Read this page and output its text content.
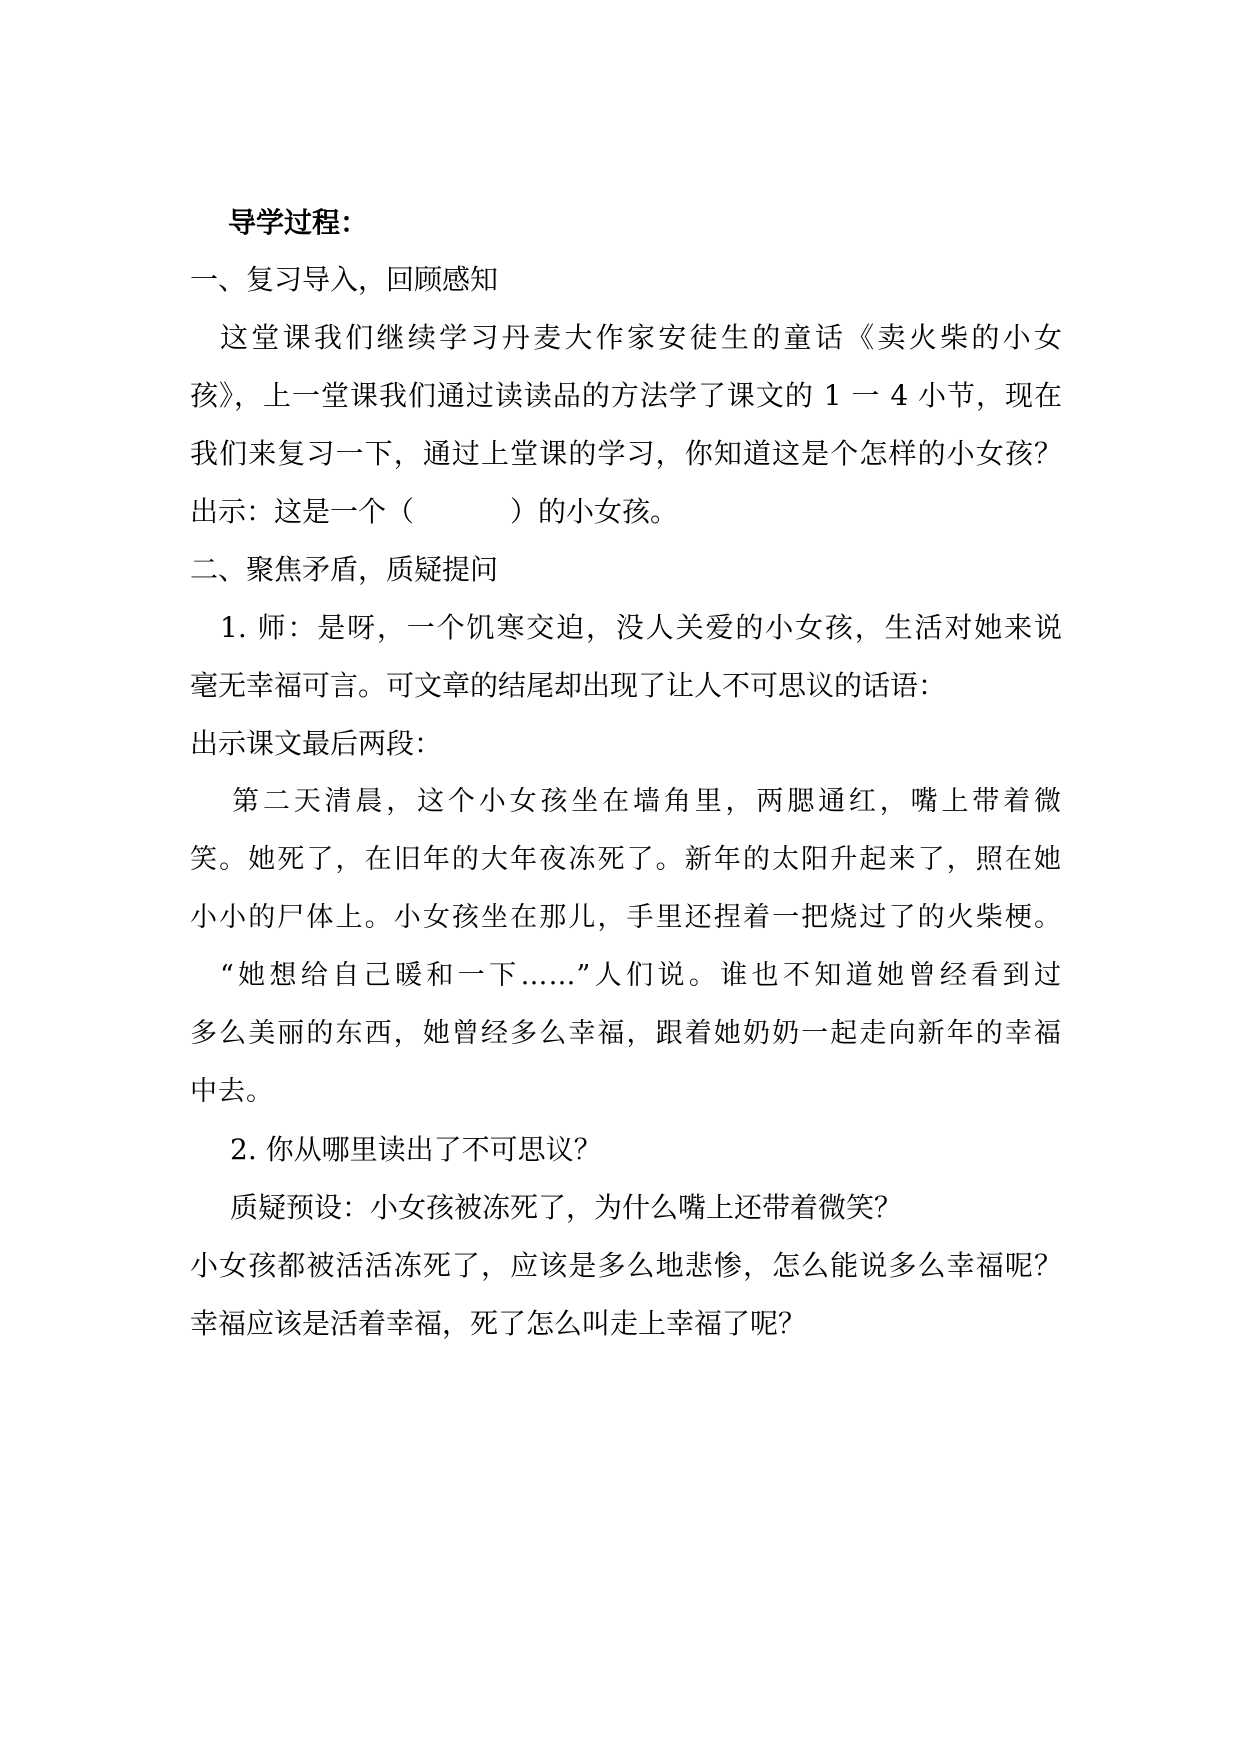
导学过程：
一、复习导入，回顾感知
这堂课我们继续学习丹麦大作家安徒生的童话《卖火柴的小女
孩》，上一堂课我们通过读读品的方法学了课文的 1 一 4 小节，现在
我们来复习一下，通过上堂课的学习，你知道这是个怎样的小女孩？
出示：这是一个（	）的小女孩。
二、聚焦矛盾，质疑提问
1. 师：是呀，一个饥寒交迫，没人关爱的小女孩，生活对她来说
毫无幸福可言。可文章的结尾却出现了让人不可思议的话语：
出示课文最后两段：
第二天清晨，这个小女孩坐在墙角里，两腮通红，嘴上带着微
笑。她死了，在旧年的大年夜冻死了。新年的太阳升起来了，照在她
小小的尸体上。小女孩坐在那儿，手里还捏着一把烧过了的火柴梗。
“她想给自己暖和一下……”人们说。谁也不知道她曾经看到过
多么美丽的东西，她曾经多么幸福，跟着她奶奶一起走向新年的幸福
中去。
2. 你从哪里读出了不可思议？
质疑预设：小女孩被冻死了，为什么嘴上还带着微笑？
小女孩都被活活冻死了，应该是多么地悲惨，怎么能说多么幸福呢？
幸福应该是活着幸福，死了怎么叫走上幸福了呢？
